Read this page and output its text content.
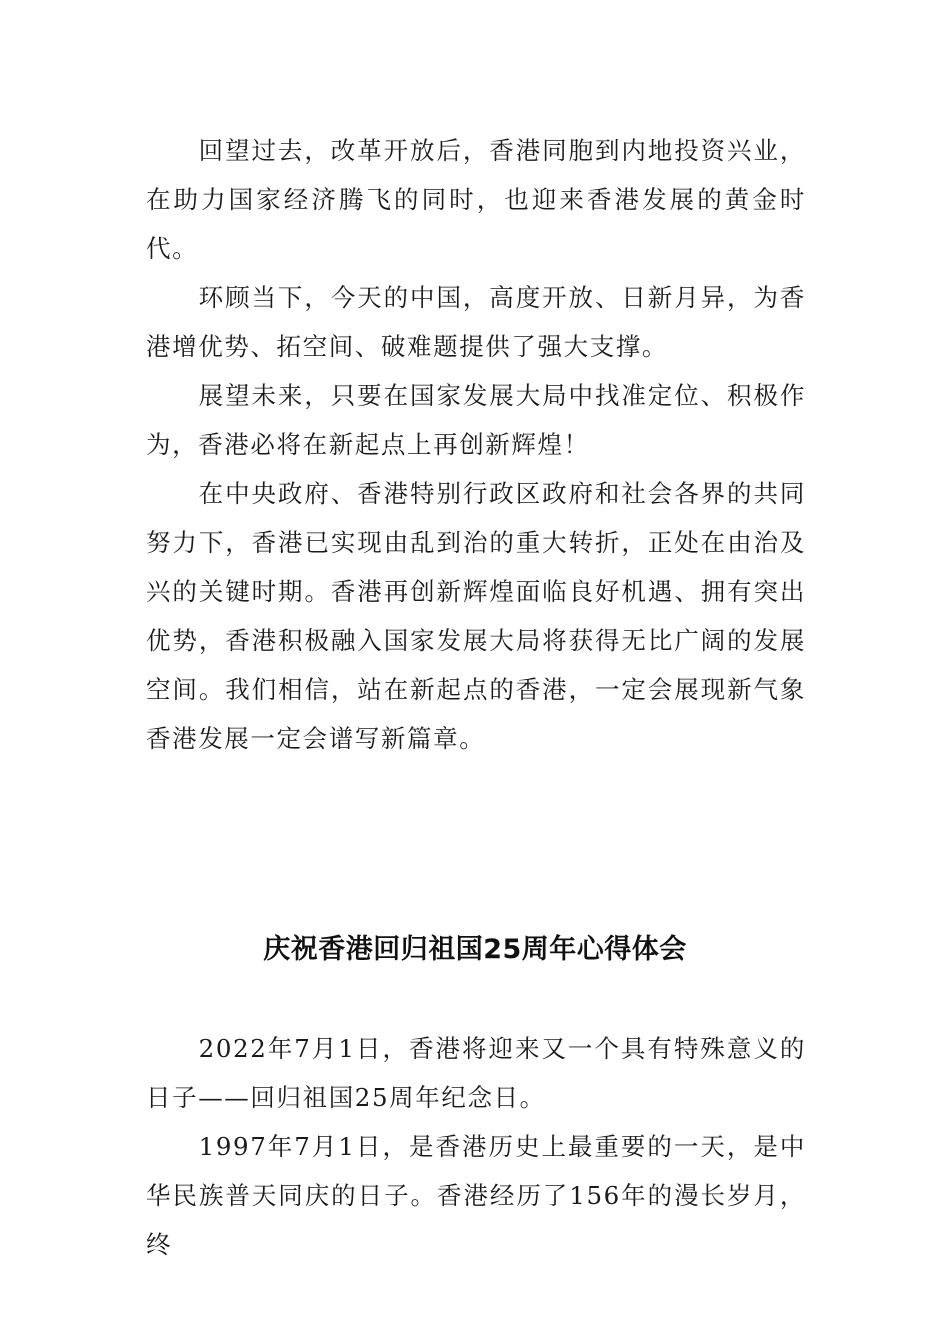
回望过去，改革开放后，香港同胞到内地投资兴业，在助力国家经济腾飞的同时，也迎来香港发展的黄金时代。

环顾当下，今天的中国，高度开放、日新月异，为香港增优势、拓空间、破难题提供了强大支撑。

展望未来，只要在国家发展大局中找准定位、积极作为，香港必将在新起点上再创新辉煌！

在中央政府、香港特别行政区政府和社会各界的共同努力下，香港已实现由乱到治的重大转折，正处在由治及兴的关键时期。香港再创新辉煌面临良好机遇、拥有突出优势，香港积极融入国家发展大局将获得无比广阔的发展空间。我们相信，站在新起点的香港，一定会展现新气象香港发展一定会谱写新篇章。

庆祝香港回归祖国25周年心得体会

2022年7月1日，香港将迎来又一个具有特殊意义的日子——回归祖国25周年纪念日。

1997年7月1日，是香港历史上最重要的一天，是中华民族普天同庆的日子。香港经历了156年的漫长岁月，终
